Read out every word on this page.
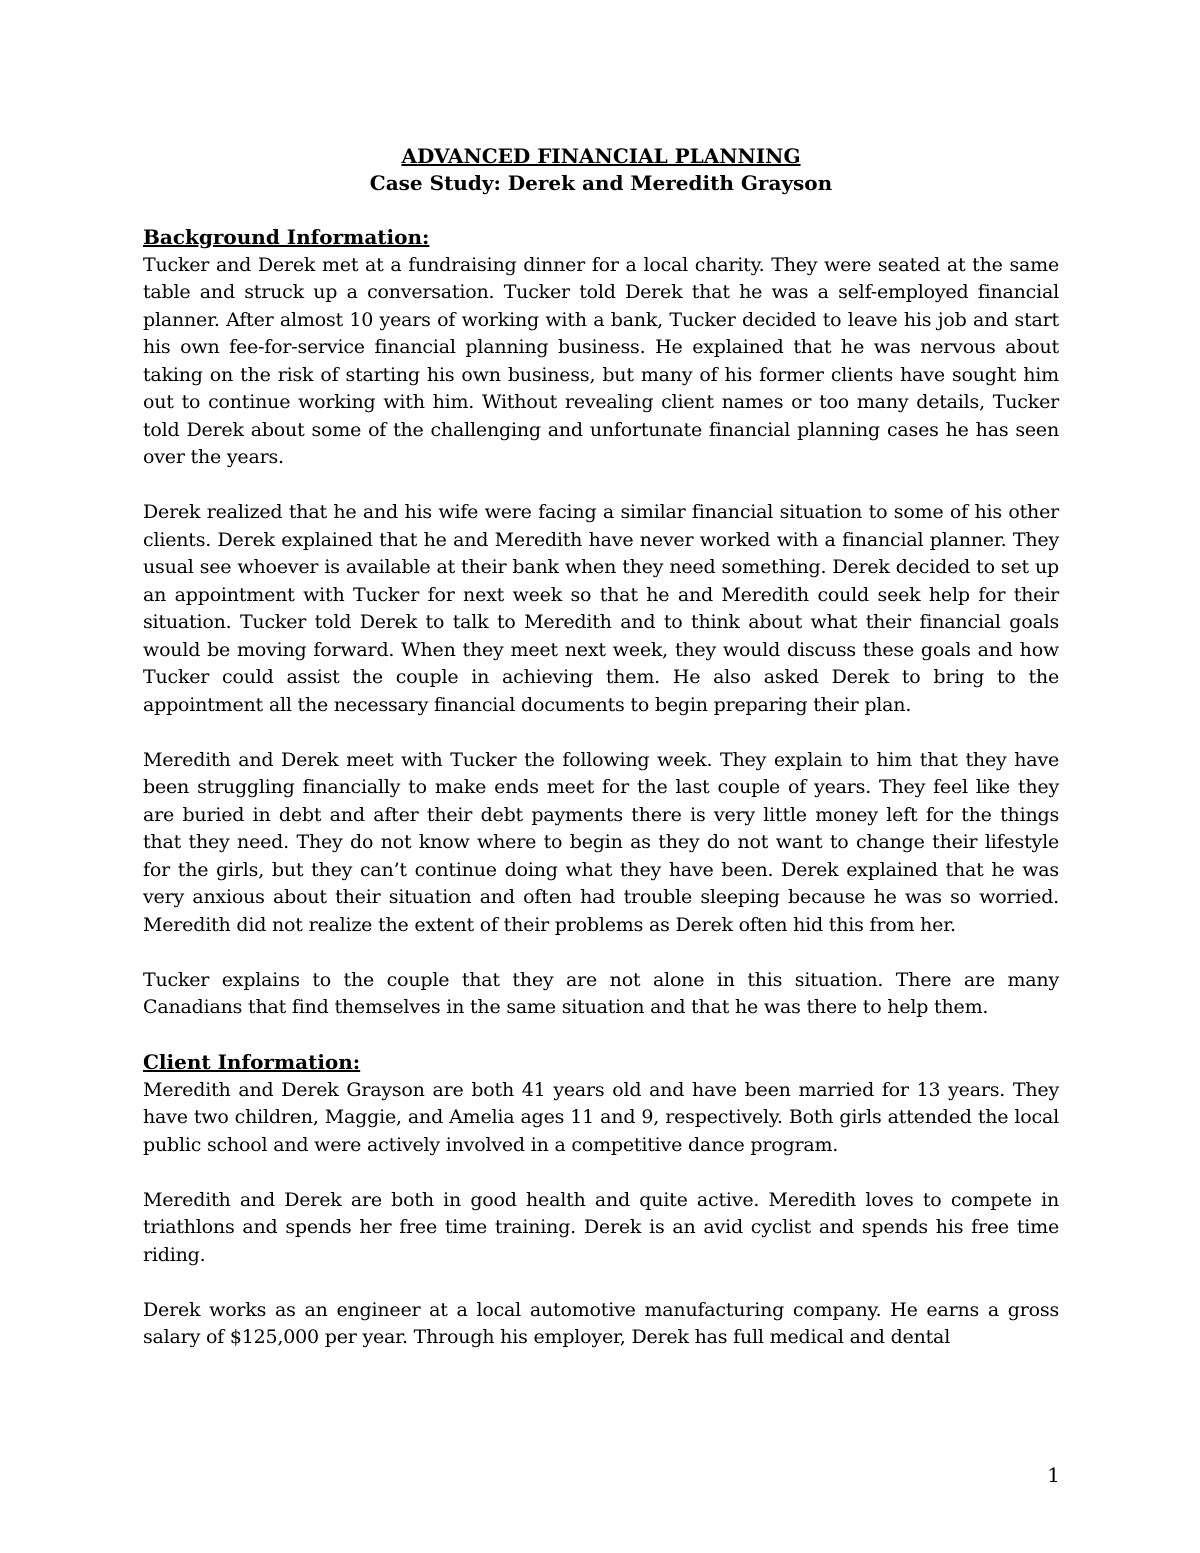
ADVANCED FINANCIAL PLANNING

Case Study: Derek and Meredith Grayson

Background Information:

Tucker and Derek met at a fundraising dinner for a local charity. They were seated at the same table and struck up a conversation. Tucker told Derek that he was a self-employed financial planner. After almost 10 years of working with a bank, Tucker decided to leave his job and start his own fee-for-service financial planning business. He explained that he was nervous about taking on the risk of starting his own business, but many of his former clients have sought him out to continue working with him. Without revealing client names or too many details, Tucker told Derek about some of the challenging and unfortunate financial planning cases he has seen over the years.

Derek realized that he and his wife were facing a similar financial situation to some of his other clients. Derek explained that he and Meredith have never worked with a financial planner. They usual see whoever is available at their bank when they need something. Derek decided to set up an appointment with Tucker for next week so that he and Meredith could seek help for their situation. Tucker told Derek to talk to Meredith and to think about what their financial goals would be moving forward. When they meet next week, they would discuss these goals and how Tucker could assist the couple in achieving them. He also asked Derek to bring to the appointment all the necessary financial documents to begin preparing their plan.

Meredith and Derek meet with Tucker the following week. They explain to him that they have been struggling financially to make ends meet for the last couple of years. They feel like they are buried in debt and after their debt payments there is very little money left for the things that they need. They do not know where to begin as they do not want to change their lifestyle for the girls, but they can’t continue doing what they have been. Derek explained that he was very anxious about their situation and often had trouble sleeping because he was so worried. Meredith did not realize the extent of their problems as Derek often hid this from her.

Tucker explains to the couple that they are not alone in this situation. There are many Canadians that find themselves in the same situation and that he was there to help them.

Client Information:

Meredith and Derek Grayson are both 41 years old and have been married for 13 years. They have two children, Maggie, and Amelia ages 11 and 9, respectively. Both girls attended the local public school and were actively involved in a competitive dance program.

Meredith and Derek are both in good health and quite active. Meredith loves to compete in triathlons and spends her free time training. Derek is an avid cyclist and spends his free time riding.

Derek works as an engineer at a local automotive manufacturing company. He earns a gross salary of $125,000 per year. Through his employer, Derek has full medical and dental

1
